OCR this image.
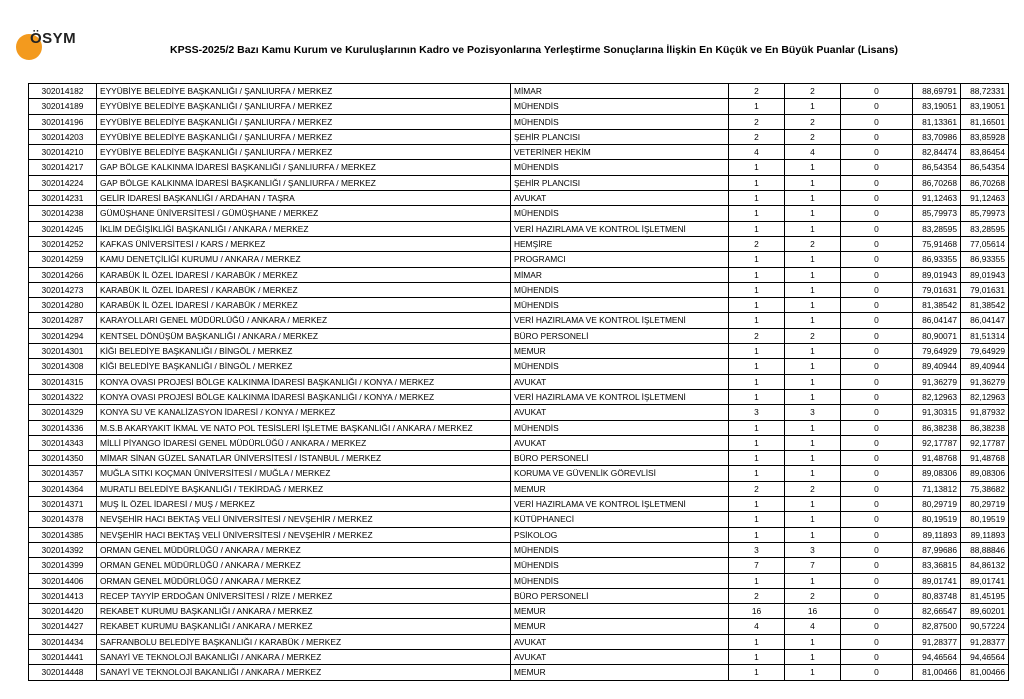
ÖSYM
KPSS-2025/2 Bazı Kamu Kurum ve Kuruluşlarının Kadro ve Pozisyonlarına Yerleştirme Sonuçlarına İlişkin En Küçük ve En Büyük Puanlar (Lisans)
302014182	EYYÜBİYE BELEDİYE BAŞKANLIĞI / ŞANLIURFA / MERKEZ	MİMAR	2	2	0	88,69791	88,72331
302014189	EYYÜBİYE BELEDİYE BAŞKANLIĞI / ŞANLIURFA / MERKEZ	MÜHENDİS	1	1	0	83,19051	83,19051
302014196	EYYÜBİYE BELEDİYE BAŞKANLIĞI / ŞANLIURFA / MERKEZ	MÜHENDİS	2	2	0	81,13361	81,16501
302014203	EYYÜBİYE BELEDİYE BAŞKANLIĞI / ŞANLIURFA / MERKEZ	ŞEHİR PLANCISI	2	2	0	83,70986	83,85928
302014210	EYYÜBİYE BELEDİYE BAŞKANLIĞI / ŞANLIURFA / MERKEZ	VETERİNER HEKİM	4	4	0	82,84474	83,86454
302014217	GAP BÖLGE KALKINMA İDARESİ BAŞKANLIĞI / ŞANLIURFA / MERKEZ	MÜHENDİS	1	1	0	86,54354	86,54354
302014224	GAP BÖLGE KALKINMA İDARESİ BAŞKANLIĞI / ŞANLIURFA / MERKEZ	ŞEHİR PLANCISI	1	1	0	86,70268	86,70268
302014231	GELİR İDARESİ BAŞKANLIĞI / ARDAHAN / TAŞRA	AVUKAT	1	1	0	91,12463	91,12463
302014238	GÜMÜŞHANE ÜNİVERSİTESİ / GÜMÜŞHANE / MERKEZ	MÜHENDİS	1	1	0	85,79973	85,79973
302014245	İKLİM DEĞİŞİKLİĞİ BAŞKANLIĞI / ANKARA / MERKEZ	VERİ HAZIRLAMA VE KONTROL İŞLETMENİ	1	1	0	83,28595	83,28595
302014252	KAFKAS ÜNİVERSİTESİ / KARS / MERKEZ	HEMŞİRE	2	2	0	75,91468	77,05614
302014259	KAMU DENETÇİLİĞİ KURUMU / ANKARA / MERKEZ	PROGRAMCI	1	1	0	86,93355	86,93355
302014266	KARABÜK İL ÖZEL İDARESİ / KARABÜK / MERKEZ	MİMAR	1	1	0	89,01943	89,01943
302014273	KARABÜK İL ÖZEL İDARESİ / KARABÜK / MERKEZ	MÜHENDİS	1	1	0	79,01631	79,01631
302014280	KARABÜK İL ÖZEL İDARESİ / KARABÜK / MERKEZ	MÜHENDİS	1	1	0	81,38542	81,38542
302014287	KARAYOLLARI GENEL MÜDÜRLÜĞÜ / ANKARA / MERKEZ	VERİ HAZIRLAMA VE KONTROL İŞLETMENİ	1	1	0	86,04147	86,04147
302014294	KENTSEL DÖNÜŞÜM BAŞKANLIĞI / ANKARA / MERKEZ	BÜRO PERSONELİ	2	2	0	80,90071	81,51314
302014301	KİĞI BELEDİYE BAŞKANLIĞI / BİNGÖL / MERKEZ	MEMUR	1	1	0	79,64929	79,64929
302014308	KİĞI BELEDİYE BAŞKANLIĞI / BİNGÖL / MERKEZ	MÜHENDİS	1	1	0	89,40944	89,40944
302014315	KONYA OVASI PROJESİ BÖLGE KALKINMA İDARESİ BAŞKANLIĞI / KONYA / MERKEZ	AVUKAT	1	1	0	91,36279	91,36279
302014322	KONYA OVASI PROJESİ BÖLGE KALKINMA İDARESİ BAŞKANLIĞI / KONYA / MERKEZ	VERİ HAZIRLAMA VE KONTROL İŞLETMENİ	1	1	0	82,12963	82,12963
302014329	KONYA SU VE KANALİZASYON İDARESİ / KONYA / MERKEZ	AVUKAT	3	3	0	91,30315	91,87932
302014336	M.S.B AKARYAKIT İKMAL VE NATO POL TESİSLERİ İŞLETME BAŞKANLIĞI / ANKARA / MERKEZ	MÜHENDİS	1	1	0	86,38238	86,38238
302014343	MİLLİ PİYANGO İDARESİ GENEL MÜDÜRLÜĞÜ / ANKARA / MERKEZ	AVUKAT	1	1	0	92,17787	92,17787
302014350	MİMAR SİNAN GÜZEL SANATLAR ÜNİVERSİTESİ / İSTANBUL / MERKEZ	BÜRO PERSONELİ	1	1	0	91,48768	91,48768
302014357	MUĞLA SITKI KOÇMAN ÜNİVERSİTESİ / MUĞLA / MERKEZ	KORUMA VE GÜVENLİK GÖREVLİSİ	1	1	0	89,08306	89,08306
302014364	MURATLI BELEDİYE BAŞKANLIĞI / TEKİRDAĞ / MERKEZ	MEMUR	2	2	0	71,13812	75,38682
302014371	MUŞ İL ÖZEL İDARESİ / MUŞ / MERKEZ	VERİ HAZIRLAMA VE KONTROL İŞLETMENİ	1	1	0	80,29719	80,29719
302014378	NEVŞEHİR HACI BEKTAŞ VELİ ÜNİVERSİTESİ / NEVŞEHİR / MERKEZ	KÜTÜPHANECİ	1	1	0	80,19519	80,19519
302014385	NEVŞEHİR HACI BEKTAŞ VELİ ÜNİVERSİTESİ / NEVŞEHİR / MERKEZ	PSİKOLOG	1	1	0	89,11893	89,11893
302014392	ORMAN GENEL MÜDÜRLÜĞÜ / ANKARA / MERKEZ	MÜHENDİS	3	3	0	87,99686	88,88846
302014399	ORMAN GENEL MÜDÜRLÜĞÜ / ANKARA / MERKEZ	MÜHENDİS	7	7	0	83,36815	84,86132
302014406	ORMAN GENEL MÜDÜRLÜĞÜ / ANKARA / MERKEZ	MÜHENDİS	1	1	0	89,01741	89,01741
302014413	RECEP TAYYİP ERDOĞAN ÜNİVERSİTESİ / RİZE / MERKEZ	BÜRO PERSONELİ	2	2	0	80,83748	81,45195
302014420	REKABET KURUMU BAŞKANLIĞI / ANKARA / MERKEZ	MEMUR	16	16	0	82,66547	89,60201
302014427	REKABET KURUMU BAŞKANLIĞI / ANKARA / MERKEZ	MEMUR	4	4	0	82,87500	90,57224
302014434	SAFRANBOLU BELEDİYE BAŞKANLIĞI / KARABÜK / MERKEZ	AVUKAT	1	1	0	91,28377	91,28377
302014441	SANAYİ VE TEKNOLOJİ BAKANLIĞI / ANKARA / MERKEZ	AVUKAT	1	1	0	94,46564	94,46564
302014448	SANAYİ VE TEKNOLOJİ BAKANLIĞI / ANKARA / MERKEZ	MEMUR	1	1	0	81,00466	81,00466
